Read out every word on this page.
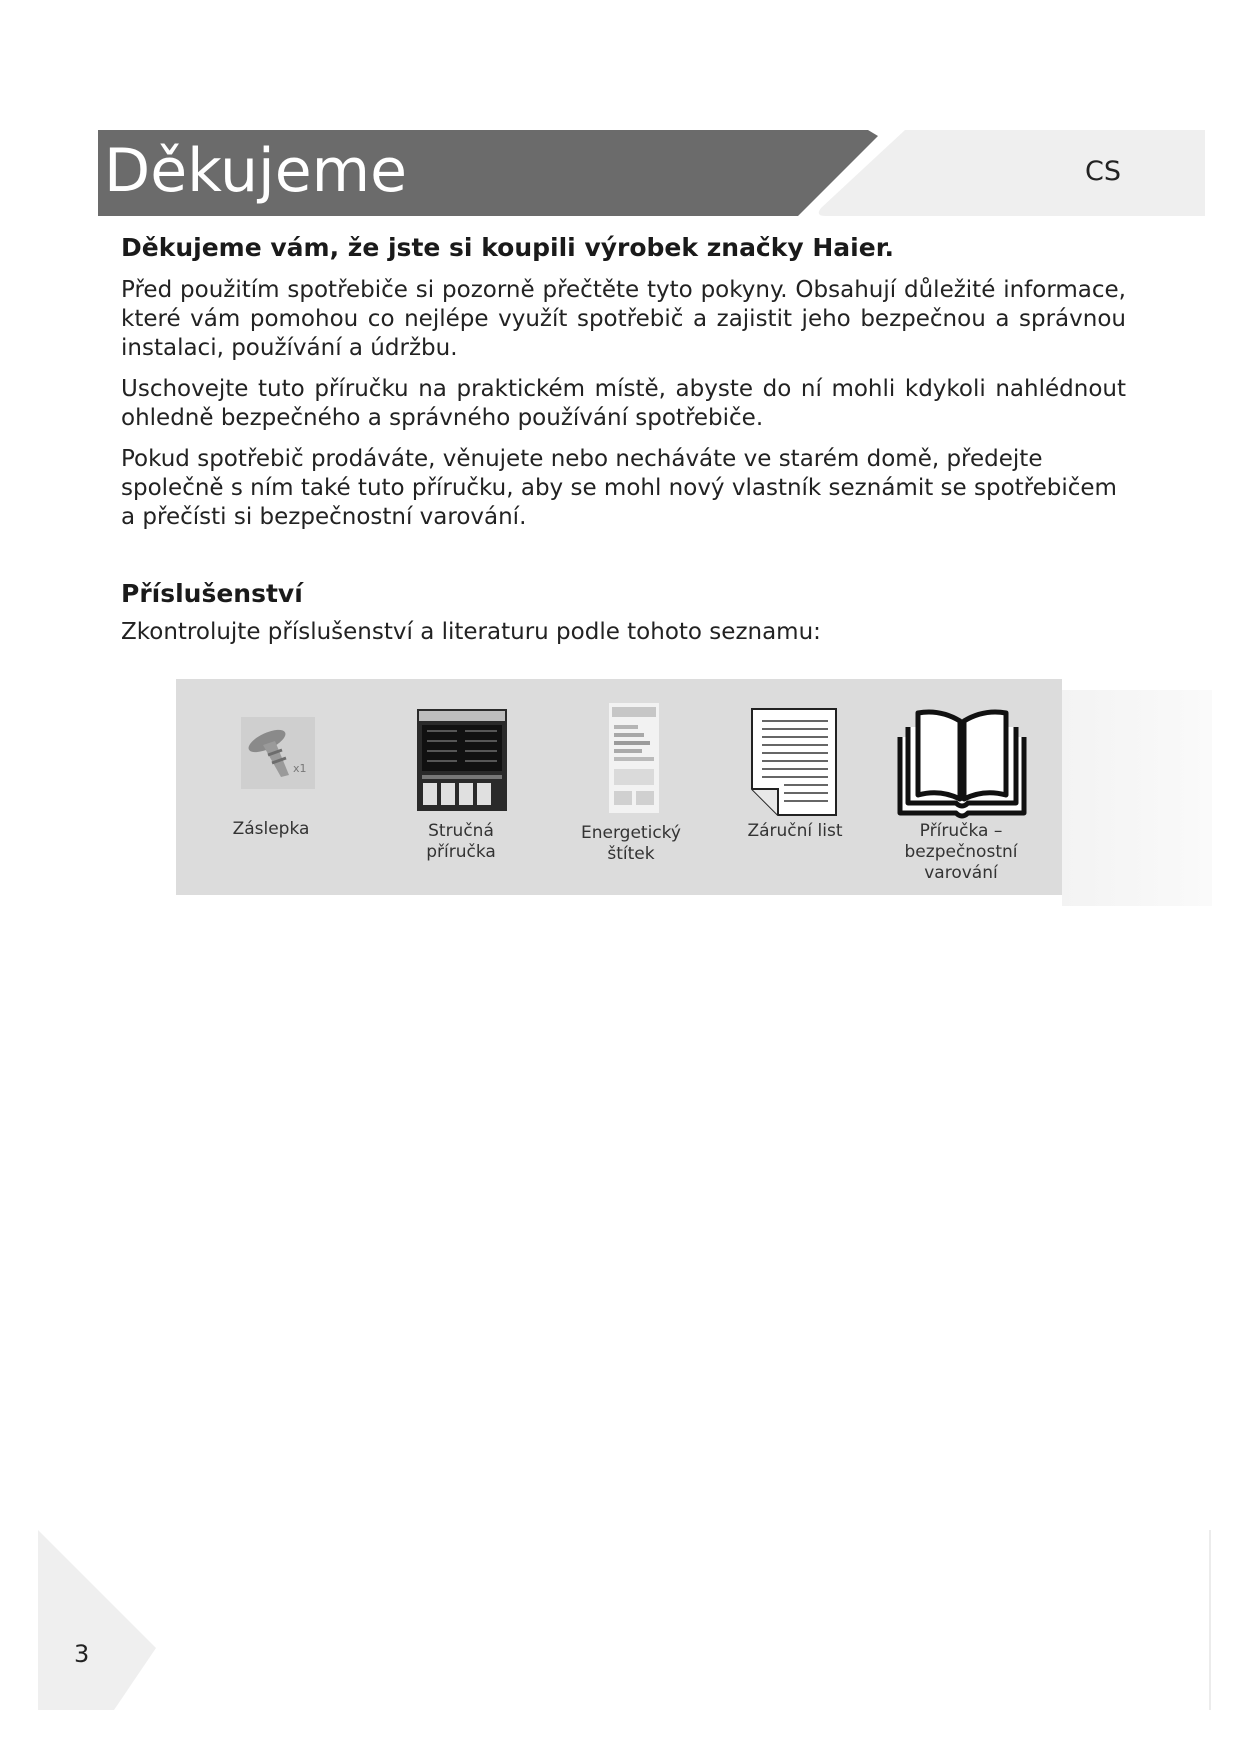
Děkujeme	CS
Děkujeme vám, že jste si koupili výrobek značky Haier.

Před použitím spotřebiče si pozorně přečtěte tyto pokyny. Obsahují důležité informace, které vám pomohou co nejlépe využít spotřebič a zajistit jeho bezpečnou a správnou instalaci, používání a údržbu.

Uschovejte tuto příručku na praktickém místě, abyste do ní mohli kdykoli nahlédnout ohledně bezpečného a správného používání spotřebiče.

Pokud spotřebič prodáváte, věnujete nebo necháváte ve starém domě, předejte společně s ním také tuto příručku, aby se mohl nový vlastník seznámit se spotřebičem a přečísti si bezpečnostní varování.

Příslušenství

Zkontrolujte příslušenství a literaturu podle tohoto seznamu:

x1
Záslepka	Stručná
příručka
Energetický
štítek
Záruční list	Příručka –
bezpečnostní
varování
3
